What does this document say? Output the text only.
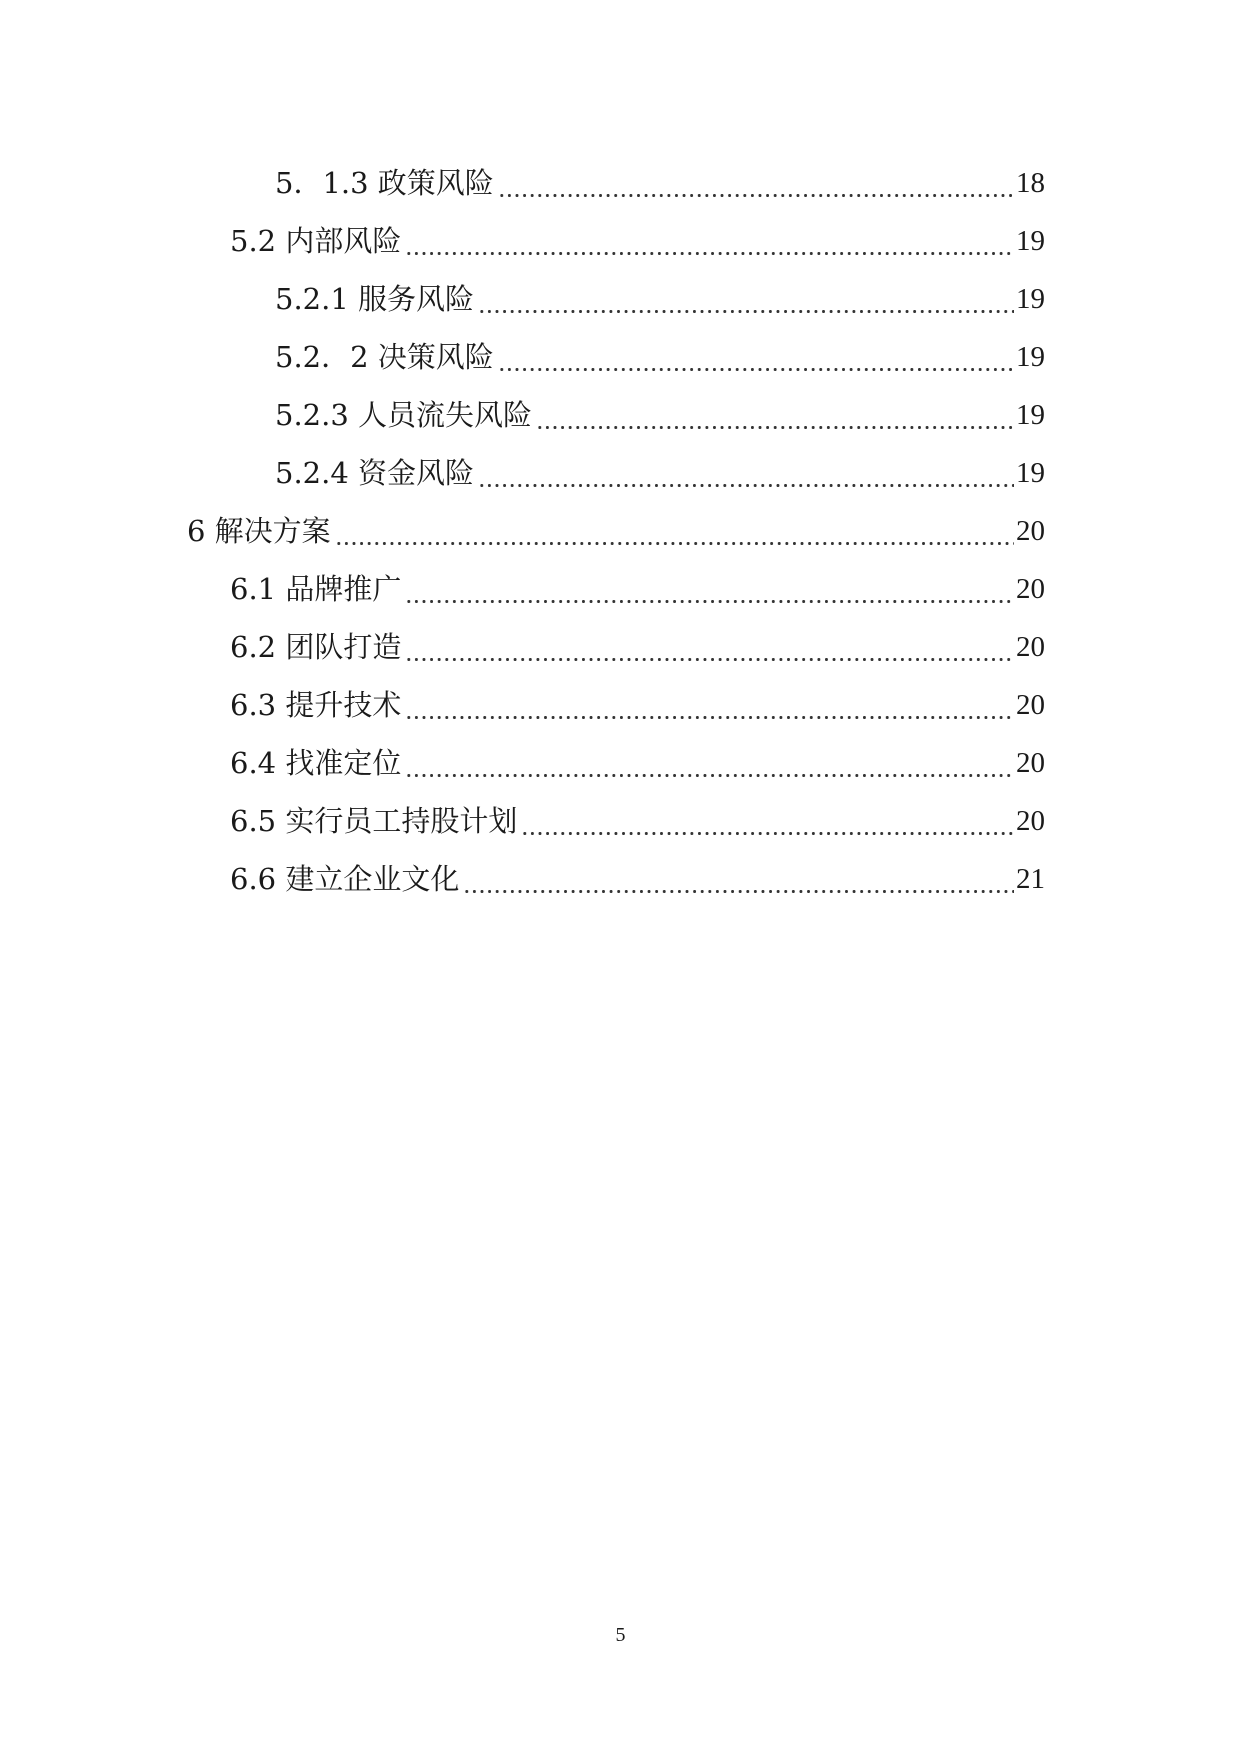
5．1.3 政策风险	18
5.2 内部风险	19
5.2.1 服务风险	19
5.2．2 决策风险	19
5.2.3 人员流失风险	19
5.2.4 资金风险	19
6 解决方案	20
6.1 品牌推广	20
6.2 团队打造	20
6.3 提升技术	20
6.4 找准定位	20
6.5 实行员工持股计划	20
6.6 建立企业文化	21
5
